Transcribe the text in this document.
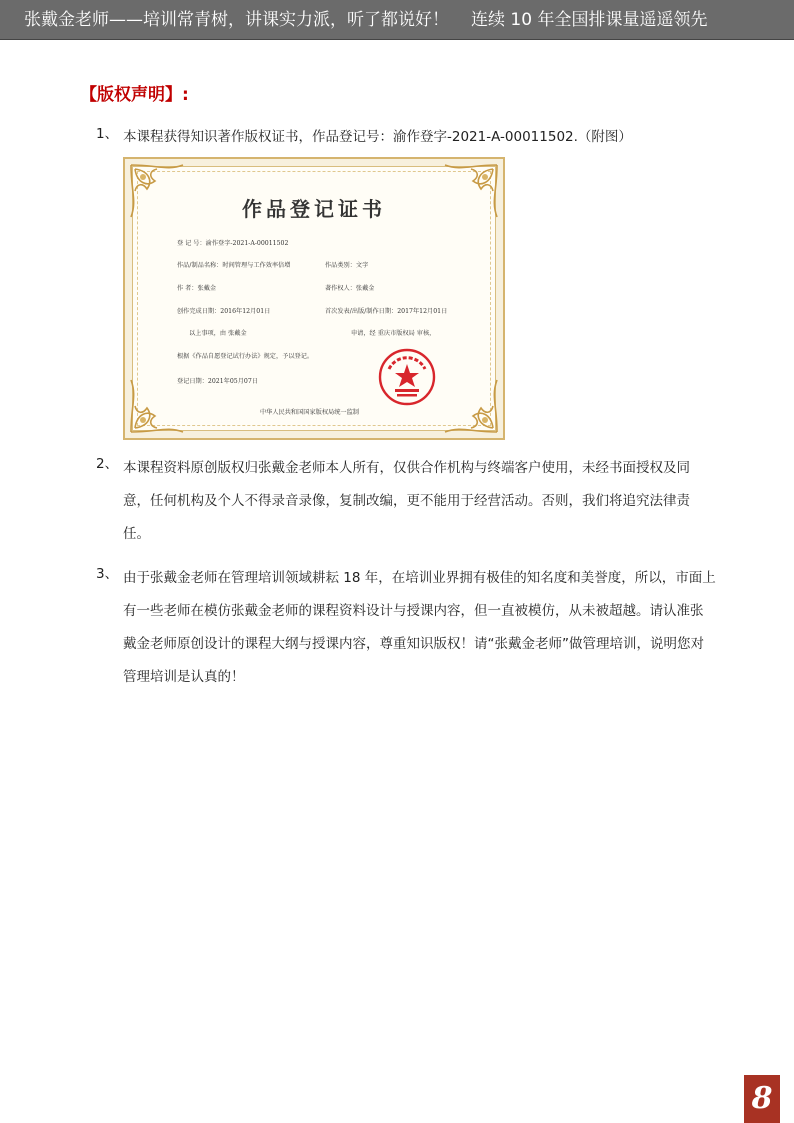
张戴金老师——培训常青树，讲课实力派，听了都说好！ 连续 10 年全国排课量遥遥领先
【版权声明】:
1、 本课程获得知识著作版权证书，作品登记号：渝作登字-2021-A-00011502.（附图）
作品登记证书
登 记 号：渝作登字-2021-A-00011502
作品/制品名称：时间管理与工作效率倍增	作品类别：文字
作 者：张戴金	著作权人：张戴金
创作完成日期：2016年12月01日	首次发表/出版/制作日期：2017年12月01日
以上事项，由 张戴金	申请，经 重庆市版权局 审核，
根据《作品自愿登记试行办法》规定，予以登记。
登记日期：2021年05月07日
中华人民共和国国家版权局统一监制
2、 本课程资料原创版权归张戴金老师本人所有，仅供合作机构与终端客户使用，未经书面授权及同意，任何机构及个人不得录音录像，复制改编，更不能用于经营活动。否则，我们将追究法律责任。
3、 由于张戴金老师在管理培训领域耕耘 18 年，在培训业界拥有极佳的知名度和美誉度，所以，市面上有一些老师在模仿张戴金老师的课程资料设计与授课内容，但一直被模仿，从未被超越。请认准张戴金老师原创设计的课程大纲与授课内容，尊重知识版权！请“张戴金老师”做管理培训，说明您对管理培训是认真的！
8
